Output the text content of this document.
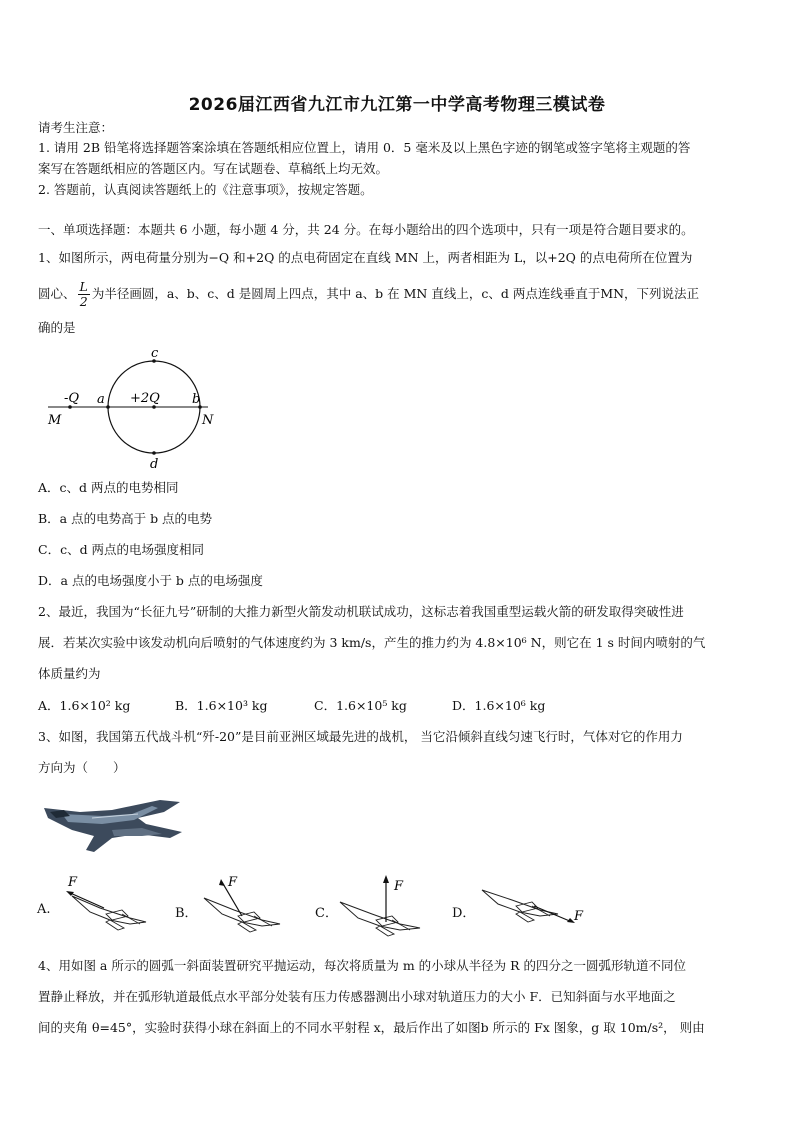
2026届江西省九江市九江第一中学高考物理三模试卷
请考生注意：
1. 请用 2B 铅笔将选择题答案涂填在答题纸相应位置上，请用 0．5 毫米及以上黑色字迹的钢笔或签字笔将主观题的答
案写在答题纸相应的答题区内。写在试题卷、草稿纸上均无效。
2. 答题前，认真阅读答题纸上的《注意事项》，按规定答题。
一、单项选择题：本题共 6 小题，每小题 4 分，共 24 分。在每小题给出的四个选项中，只有一项是符合题目要求的。
1、如图所示，两电荷量分别为−Q 和+2Q 的点电荷固定在直线 MN 上，两者相距为 L，以+2Q 的点电荷所在位置为
圆心、 $\frac{L}{2}$ 为半径画圆，a、b、c、d 是圆周上四点，其中 a、b 在 MN 直线上，c、d 两点连线垂直于MN，下列说法正
确的是
c
d
-Q a +2Q b
M	N
A．c、d 两点的电势相同
B．a 点的电势高于 b 点的电势
C．c、d 两点的电场强度相同
D．a 点的电场强度小于 b 点的电场强度
2、最近，我国为“长征九号”研制的大推力新型火箭发动机联试成功，这标志着我国重型运载火箭的研发取得突破性进
展．若某次实验中该发动机向后喷射的气体速度约为 3 km/s，产生的推力约为 4.8×10⁶ N，则它在 1 s 时间内喷射的气
体质量约为
A．1.6×10² kg	B．1.6×10³ kg	C．1.6×10⁵ kg	D．1.6×10⁶ kg
3、如图，我国第五代战斗机“歼-20”是目前亚洲区域最先进的战机， 当它沿倾斜直线匀速飞行时，气体对它的作用力
方向为（　　）
A.
F
B．
F
C．
F
D．	F
4、用如图 a 所示的圆弧一斜面装置研究平抛运动，每次将质量为 m 的小球从半径为 R 的四分之一圆弧形轨道不同位
置静止释放，并在弧形轨道最低点水平部分处装有压力传感器测出小球对轨道压力的大小 F．已知斜面与水平地面之
间的夹角 θ=45°，实验时获得小球在斜面上的不同水平射程 x，最后作出了如图b 所示的 Fx 图象，g 取 10m/s²， 则由
